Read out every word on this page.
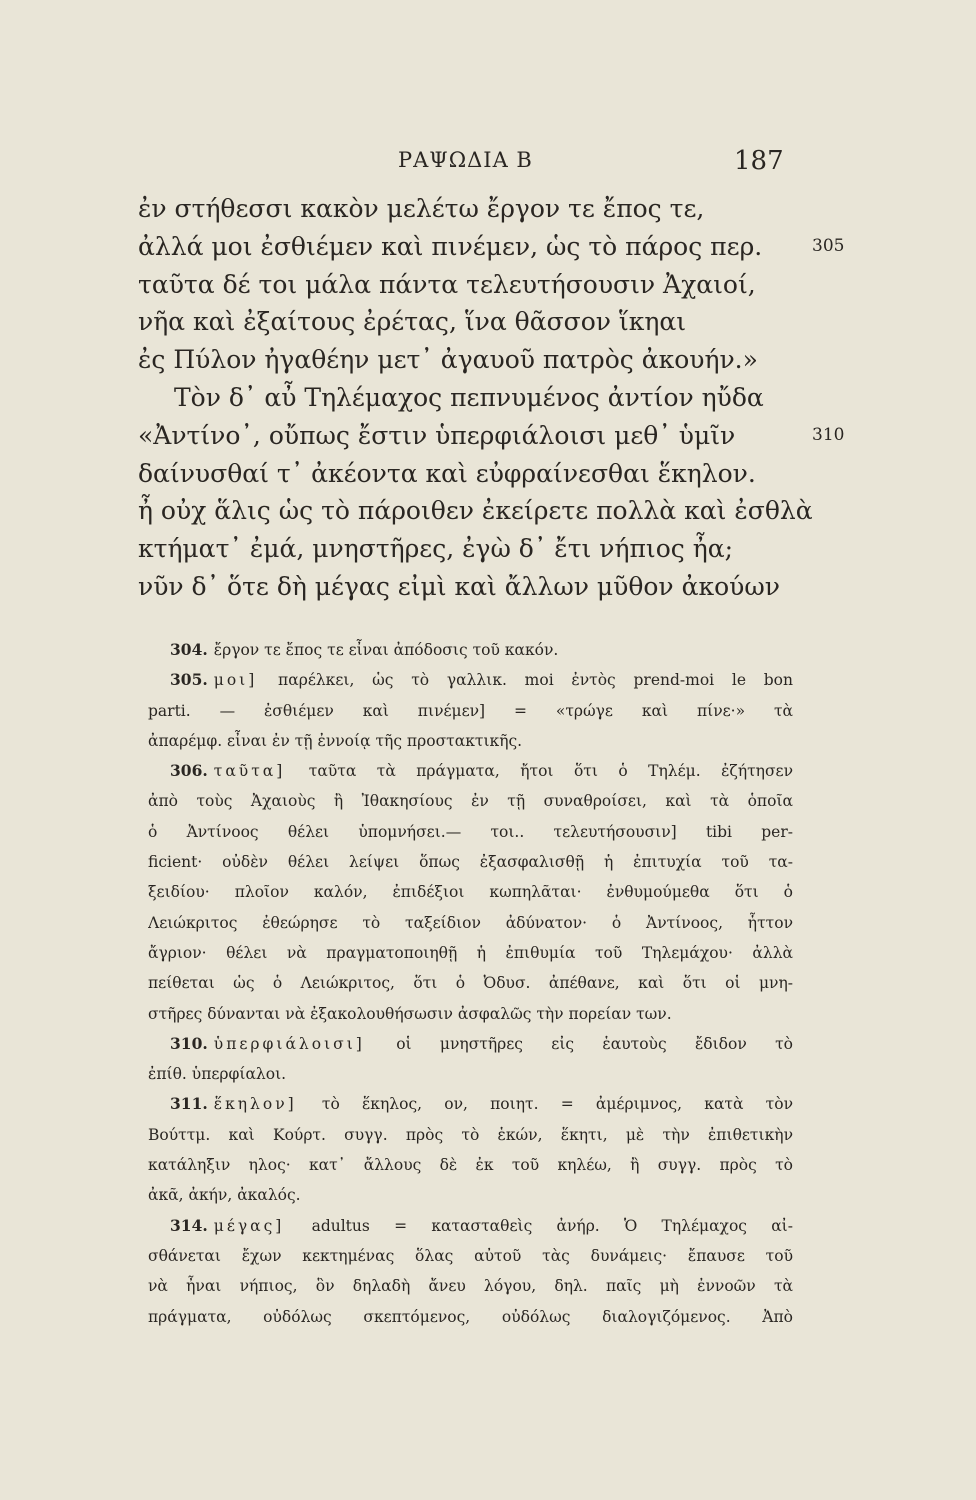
ΡΑΨΩΔΙΑ Β	187
ἐν στήθεσσι κακὸν μελέτω ἔργον τε ἔπος τε,
ἀλλά μοι ἐσθιέμεν καὶ πινέμεν, ὡς τὸ πάρος περ.	305
ταῦτα δέ τοι μάλα πάντα τελευτήσουσιν Ἀχαιοί,
νῆα καὶ ἐξαίτους ἐρέτας, ἵνα θᾶσσον ἵκηαι
ἐς Πύλον ἠγαθέην μετ᾽ ἀγαυοῦ πατρὸς ἀκουήν.»
Τὸν δ᾽ αὖ Τηλέμαχος πεπνυμένος ἀντίον ηὔδα
«Ἀντίνο᾽, οὔπως ἔστιν ὑπερφιάλοισι μεθ᾽ ὑμῖν	310
δαίνυσθαί τ᾽ ἀκέοντα καὶ εὐφραίνεσθαι ἕκηλον.
ἦ οὐχ ἅλις ὡς τὸ πάροιθεν ἐκείρετε πολλὰ καὶ ἐσθλὰ
κτήματ᾽ ἐμά, μνηστῆρες, ἐγὼ δ᾽ ἔτι νήπιος ἦα;
νῦν δ᾽ ὅτε δὴ μέγας εἰμὶ καὶ ἄλλων μῦθον ἀκούων
304. ἔργον τε ἔπος τε εἶναι ἀπόδοσις τοῦ κακόν.
305. μοι] παρέλκει, ὡς τὸ γαλλικ. moi ἐντὸς prend-moi le bon
parti. — ἐσθιέμεν καὶ πινέμεν] = «τρώγε καὶ πίνε·» τὰ
ἀπαρέμφ. εἶναι ἐν τῇ ἐννοίᾳ τῆς προστακτικῆς.
306. ταῦτα] ταῦτα τὰ πράγματα, ἤτοι ὅτι ὁ Τηλέμ. ἐζήτησεν
ἀπὸ τοὺς Ἀχαιοὺς ἢ Ἰθακησίους ἐν τῇ συναθροίσει, καὶ τὰ ὁποῖα
ὁ Ἀντίνοος θέλει ὑπομνήσει.— τοι.. τελευτήσουσιν] tibi per-
ficient· οὐδὲν θέλει λείψει ὅπως ἐξασφαλισθῇ ἡ ἐπιτυχία τοῦ τα-
ξειδίου· πλοῖον καλόν, ἐπιδέξιοι κωπηλᾶται· ἐνθυμούμεθα ὅτι ὁ
Λειώκριτος ἐθεώρησε τὸ ταξείδιον ἀδύνατον· ὁ Ἀντίνοος, ἧττον
ἄγριον· θέλει νὰ πραγματοποιηθῇ ἡ ἐπιθυμία τοῦ Τηλεμάχου· ἀλλὰ
πείθεται ὡς ὁ Λειώκριτος, ὅτι ὁ Ὀδυσ. ἀπέθανε, καὶ ὅτι οἱ μνη-
στῆρες δύνανται νὰ ἐξακολουθήσωσιν ἀσφαλῶς τὴν πορείαν των.
310. ὑπερφιάλοισι] οἱ μνηστῆρες εἰς ἑαυτοὺς ἔδιδον τὸ
ἐπίθ. ὑπερφίαλοι.
311. ἕκηλον] τὸ ἕκηλος, ον, ποιητ. = ἀμέριμνος, κατὰ τὸν
Βούττμ. καὶ Κούρτ. συγγ. πρὸς τὸ ἑκών, ἕκητι, μὲ τὴν ἐπιθετικὴν
κατάληξιν ηλος· κατ᾽ ἄλλους δὲ ἐκ τοῦ κηλέω, ἢ συγγ. πρὸς τὸ
ἀκᾶ, ἀκήν, ἀκαλός.
314. μέγας] adultus = κατασταθεὶς ἀνήρ. Ὁ Τηλέμαχος αἰ-
σθάνεται ἔχων κεκτημένας ὅλας αὐτοῦ τὰς δυνάμεις· ἔπαυσε τοῦ
νὰ ἦναι νήπιος, ὃν δηλαδὴ ἄνευ λόγου, δηλ. παῖς μὴ ἐννοῶν τὰ
πράγματα, οὐδόλως σκεπτόμενος, οὐδόλως διαλογιζόμενος. Ἀπὸ
